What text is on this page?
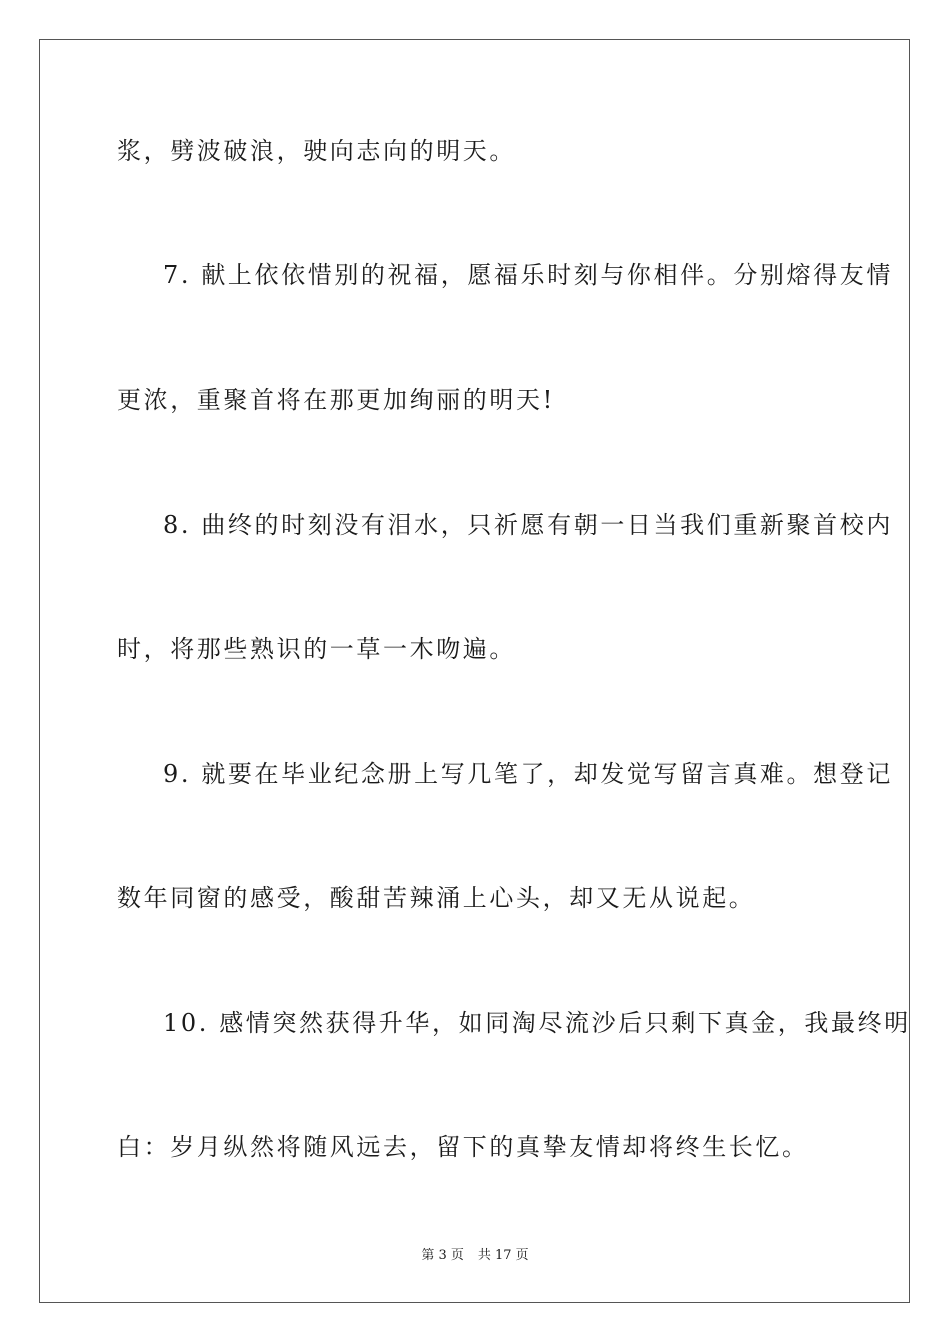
浆，劈波破浪，驶向志向的明天。
7. 献上依依惜别的祝福，愿福乐时刻与你相伴。分别熔得友情
更浓，重聚首将在那更加绚丽的明天!
8. 曲终的时刻没有泪水，只祈愿有朝一日当我们重新聚首校内
时，将那些熟识的一草一木吻遍。
9. 就要在毕业纪念册上写几笔了，却发觉写留言真难。想登记
数年同窗的感受，酸甜苦辣涌上心头，却又无从说起。
10. 感情突然获得升华，如同淘尽流沙后只剩下真金，我最终明
白：岁月纵然将随风远去，留下的真挚友情却将终生长忆。
第 3 页 共 17 页
